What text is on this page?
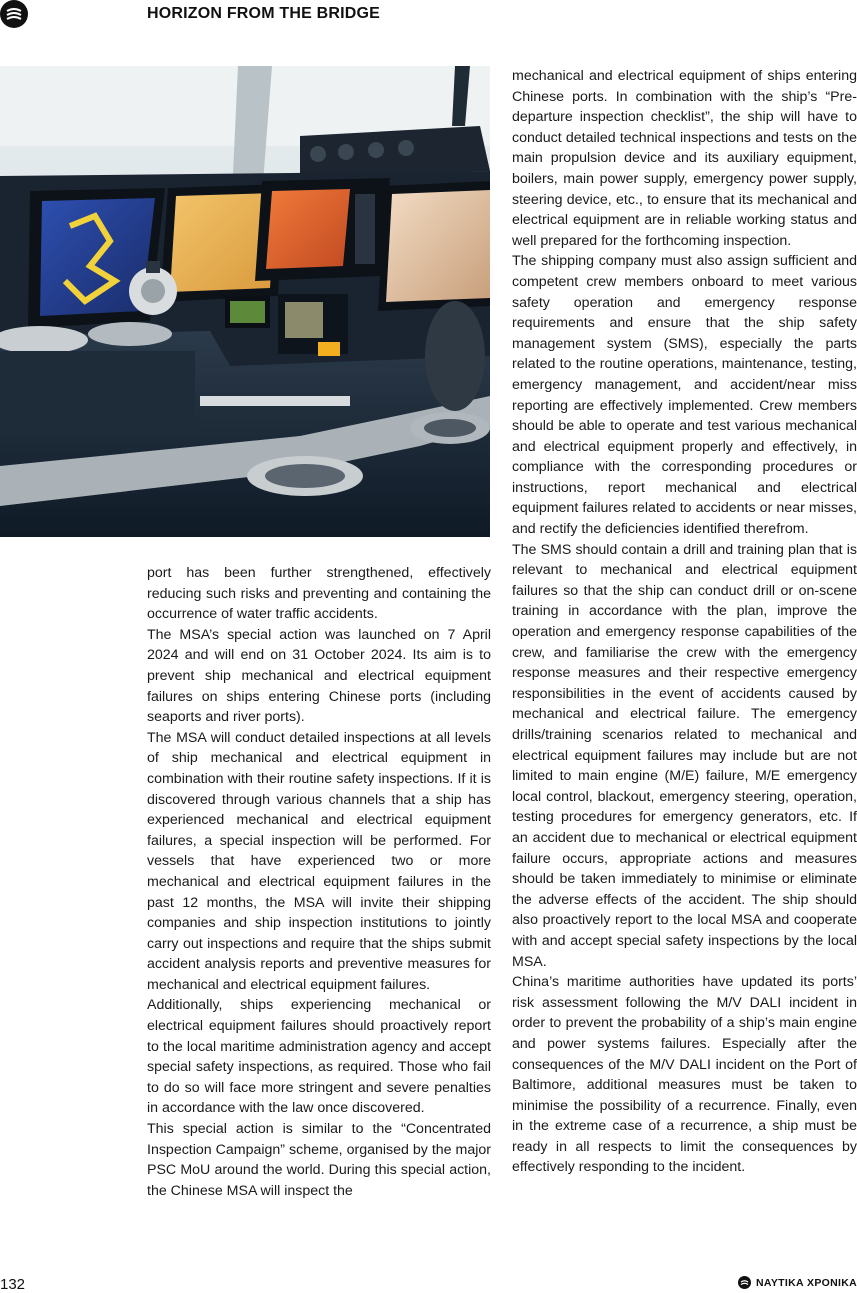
HORIZON FROM THE BRIDGE

port has been further strengthened, effectively reducing such risks and preventing and containing the occurrence of water traffic accidents.

The MSA’s special action was launched on 7 April 2024 and will end on 31 October 2024. Its aim is to prevent ship mechanical and electrical equipment failures on ships entering Chinese ports (including seaports and river ports).

The MSA will conduct detailed inspections at all levels of ship mechanical and electrical equipment in combination with their routine safety inspections. If it is discovered through various channels that a ship has experienced mechanical and electrical equipment failures, a special inspection will be performed. For vessels that have experienced two or more mechanical and electrical equipment failures in the past 12 months, the MSA will invite their shipping companies and ship inspection institutions to jointly carry out inspections and require that the ships submit accident analysis reports and preventive measures for mechanical and electrical equipment failures.

Additionally, ships experiencing mechanical or electrical equipment failures should proactively report to the local maritime administration agency and accept special safety inspections, as required. Those who fail to do so will face more stringent and severe penalties in accordance with the law once discovered.

This special action is similar to the “Concentrated Inspection Campaign” scheme, organised by the major PSC MoU around the world. During this special action, the Chinese MSA will inspect the

mechanical and electrical equipment of ships entering Chinese ports. In combination with the ship’s “Pre-departure inspection checklist”, the ship will have to conduct detailed technical inspections and tests on the main propulsion device and its auxiliary equipment, boilers, main power supply, emergency power supply, steering device, etc., to ensure that its mechanical and electrical equipment are in reliable working status and well prepared for the forthcoming inspection.

The shipping company must also assign sufficient and competent crew members onboard to meet various safety operation and emergency response requirements and ensure that the ship safety management system (SMS), especially the parts related to the routine operations, maintenance, testing, emergency management, and accident/near miss reporting are effectively implemented. Crew members should be able to operate and test various mechanical and electrical equipment properly and effectively, in compliance with the corresponding procedures or instructions, report mechanical and electrical equipment failures related to accidents or near misses, and rectify the deficiencies identified therefrom.

The SMS should contain a drill and training plan that is relevant to mechanical and electrical equipment failures so that the ship can conduct drill or on-scene training in accordance with the plan, improve the operation and emergency response capabilities of the crew, and familiarise the crew with the emergency response measures and their respective emergency responsibilities in the event of accidents caused by mechanical and electrical failure. The emergency drills/training scenarios related to mechanical and electrical equipment failures may include but are not limited to main engine (M/E) failure, M/E emergency local control, blackout, emergency steering, operation, testing procedures for emergency generators, etc. If an accident due to mechanical or electrical equipment failure occurs, appropriate actions and measures should be taken immediately to minimise or eliminate the adverse effects of the accident. The ship should also proactively report to the local MSA and cooperate with and accept special safety inspections by the local MSA.

China’s maritime authorities have updated its ports’ risk assessment following the M/V DALI incident in order to prevent the probability of a ship’s main engine and power systems failures. Especially after the consequences of the M/V DALI incident on the Port of Baltimore, additional measures must be taken to minimise the possibility of a recurrence. Finally, even in the extreme case of a recurrence, a ship must be ready in all respects to limit the consequences by effectively responding to the incident.

132	ΝΑΥΤΙΚΑ ΧΡΟΝΙΚΑ
